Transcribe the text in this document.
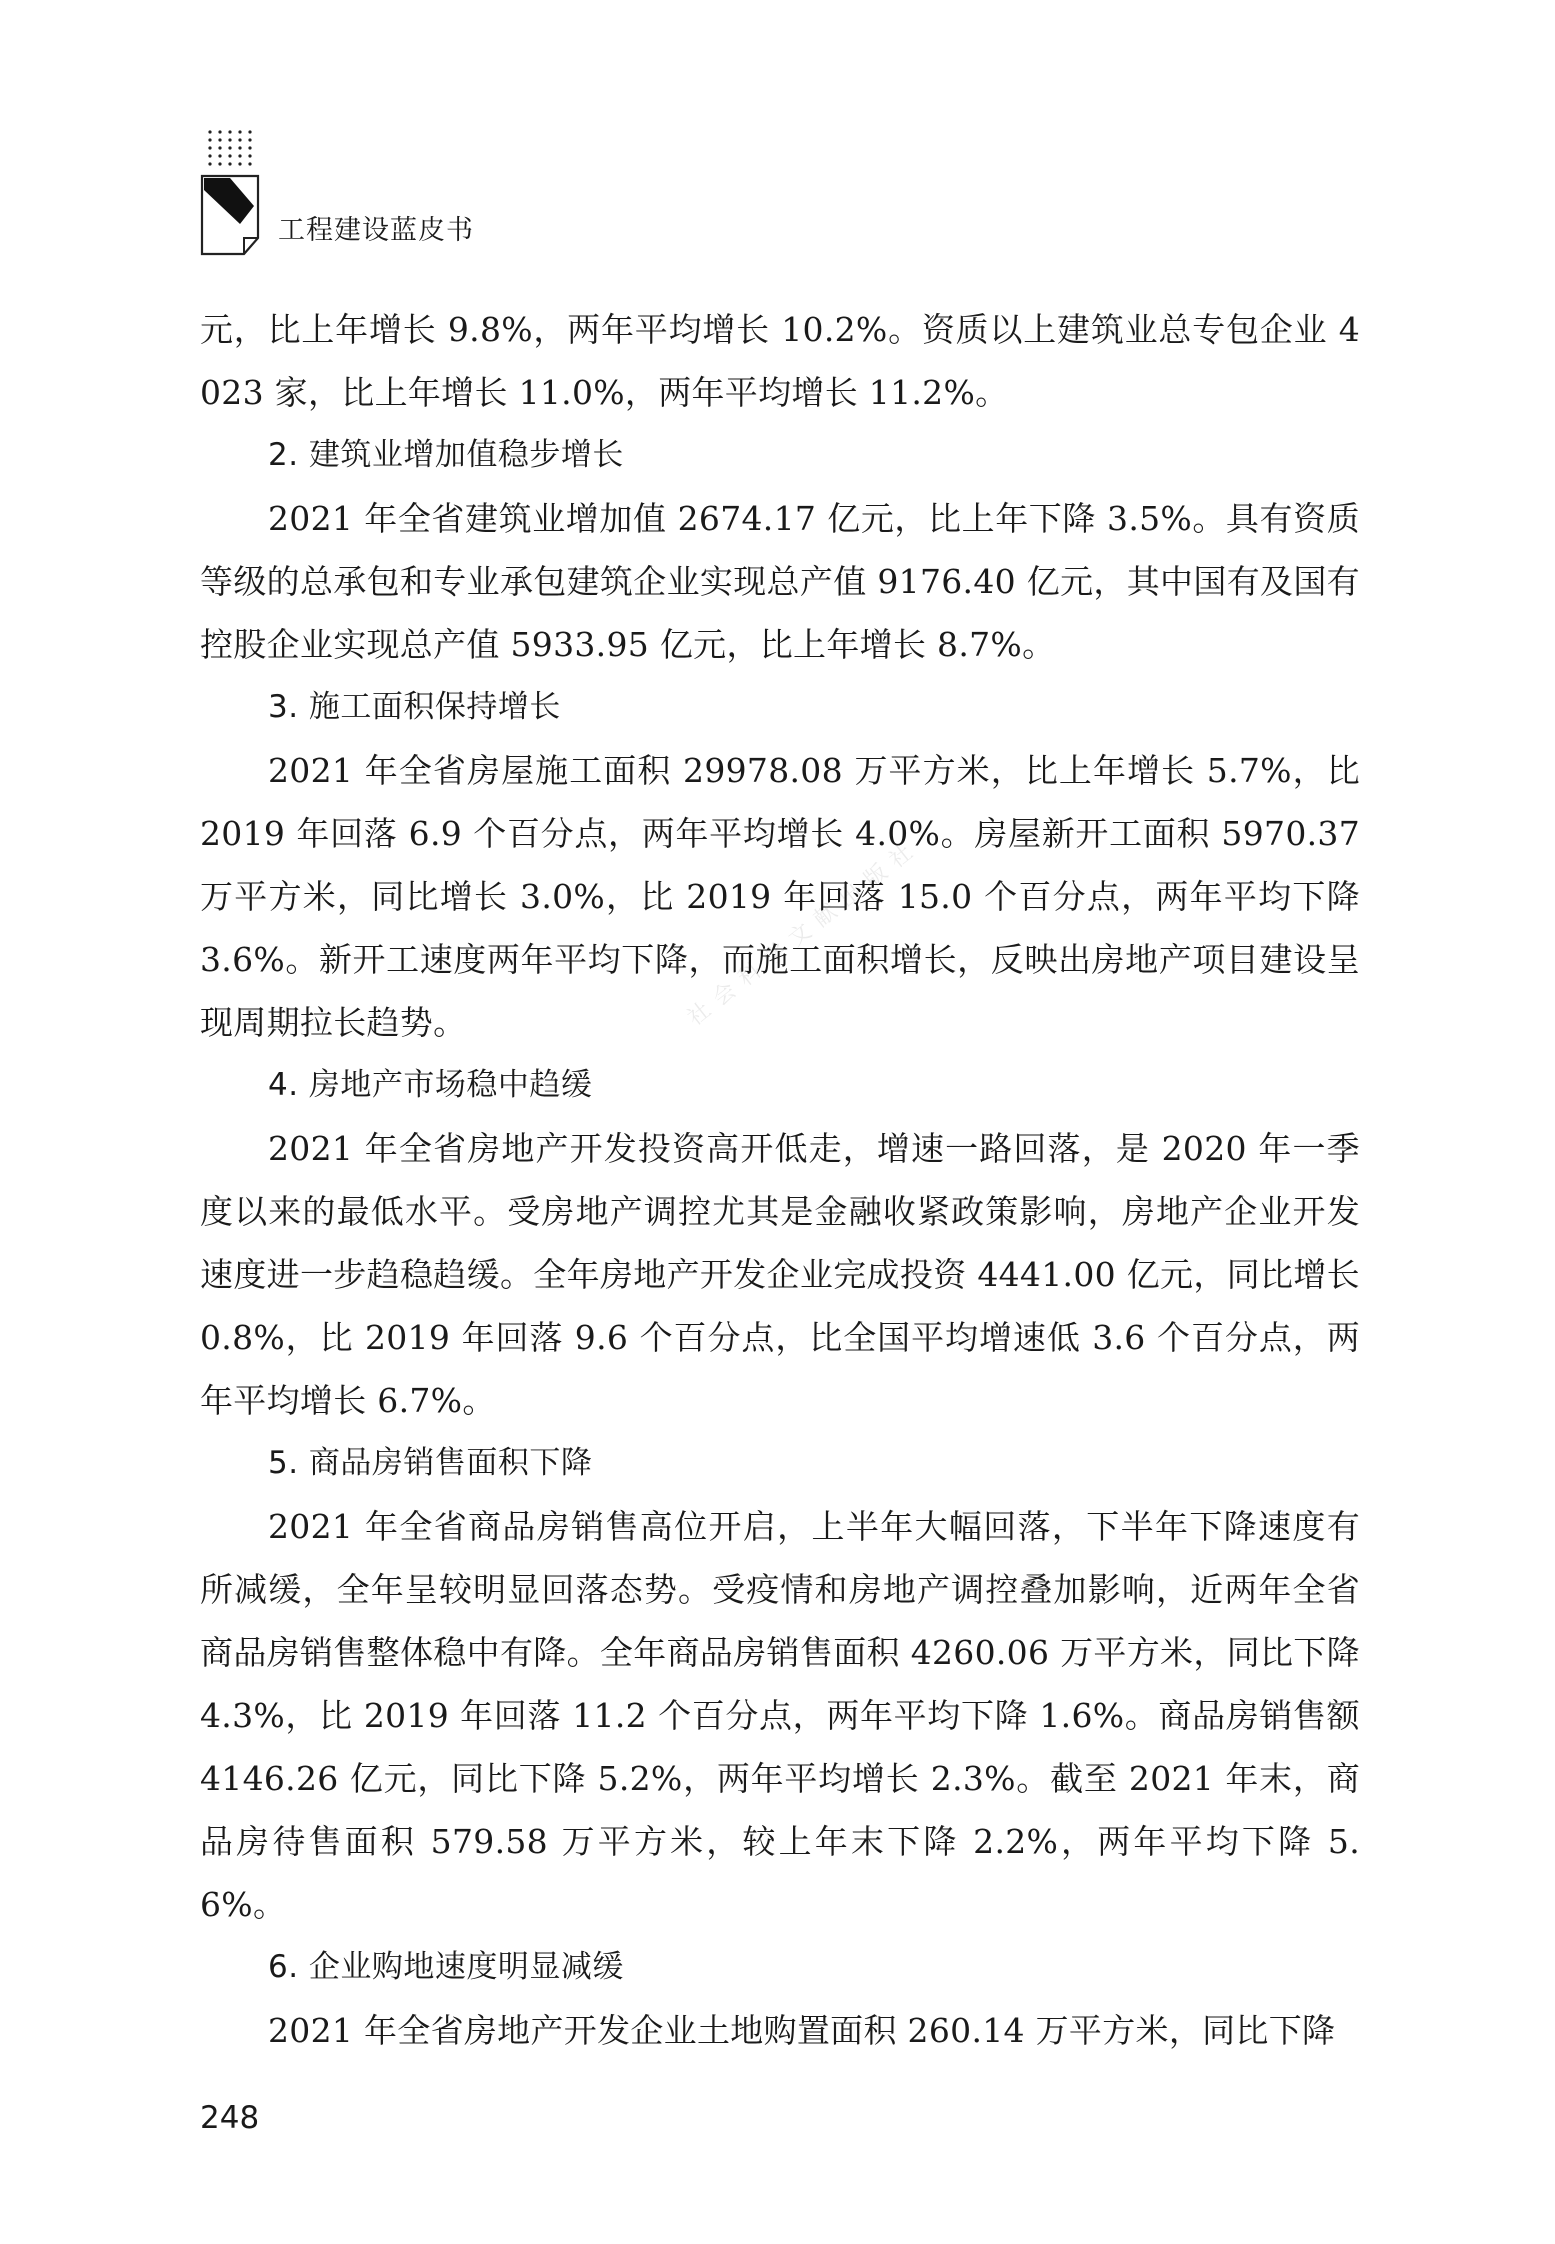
工程建设蓝皮书
社会科学文献出版社

元，比上年增长 9.8%，两年平均增长 10.2%。资质以上建筑业总专包企业 4023 家，比上年增长 11.0%，两年平均增长 11.2%。

2. 建筑业增加值稳步增长

2021 年全省建筑业增加值 2674.17 亿元，比上年下降 3.5%。具有资质等级的总承包和专业承包建筑企业实现总产值 9176.40 亿元，其中国有及国有控股企业实现总产值 5933.95 亿元，比上年增长 8.7%。

3. 施工面积保持增长

2021 年全省房屋施工面积 29978.08 万平方米，比上年增长 5.7%，比 2019 年回落 6.9 个百分点，两年平均增长 4.0%。房屋新开工面积 5970.37 万平方米，同比增长 3.0%，比 2019 年回落 15.0 个百分点，两年平均下降 3.6%。新开工速度两年平均下降，而施工面积增长，反映出房地产项目建设呈现周期拉长趋势。

4. 房地产市场稳中趋缓

2021 年全省房地产开发投资高开低走，增速一路回落，是 2020 年一季度以来的最低水平。受房地产调控尤其是金融收紧政策影响，房地产企业开发速度进一步趋稳趋缓。全年房地产开发企业完成投资 4441.00 亿元，同比增长 0.8%，比 2019 年回落 9.6 个百分点，比全国平均增速低 3.6 个百分点，两年平均增长 6.7%。

5. 商品房销售面积下降

2021 年全省商品房销售高位开启，上半年大幅回落，下半年下降速度有所减缓，全年呈较明显回落态势。受疫情和房地产调控叠加影响，近两年全省商品房销售整体稳中有降。全年商品房销售面积 4260.06 万平方米，同比下降 4.3%，比 2019 年回落 11.2 个百分点，两年平均下降 1.6%。商品房销售额 4146.26 亿元，同比下降 5.2%，两年平均增长 2.3%。截至 2021 年末，商品房待售面积 579.58 万平方米，较上年末下降 2.2%，两年平均下降 5.6%。

6. 企业购地速度明显减缓

2021 年全省房地产开发企业土地购置面积 260.14 万平方米，同比下降

248
